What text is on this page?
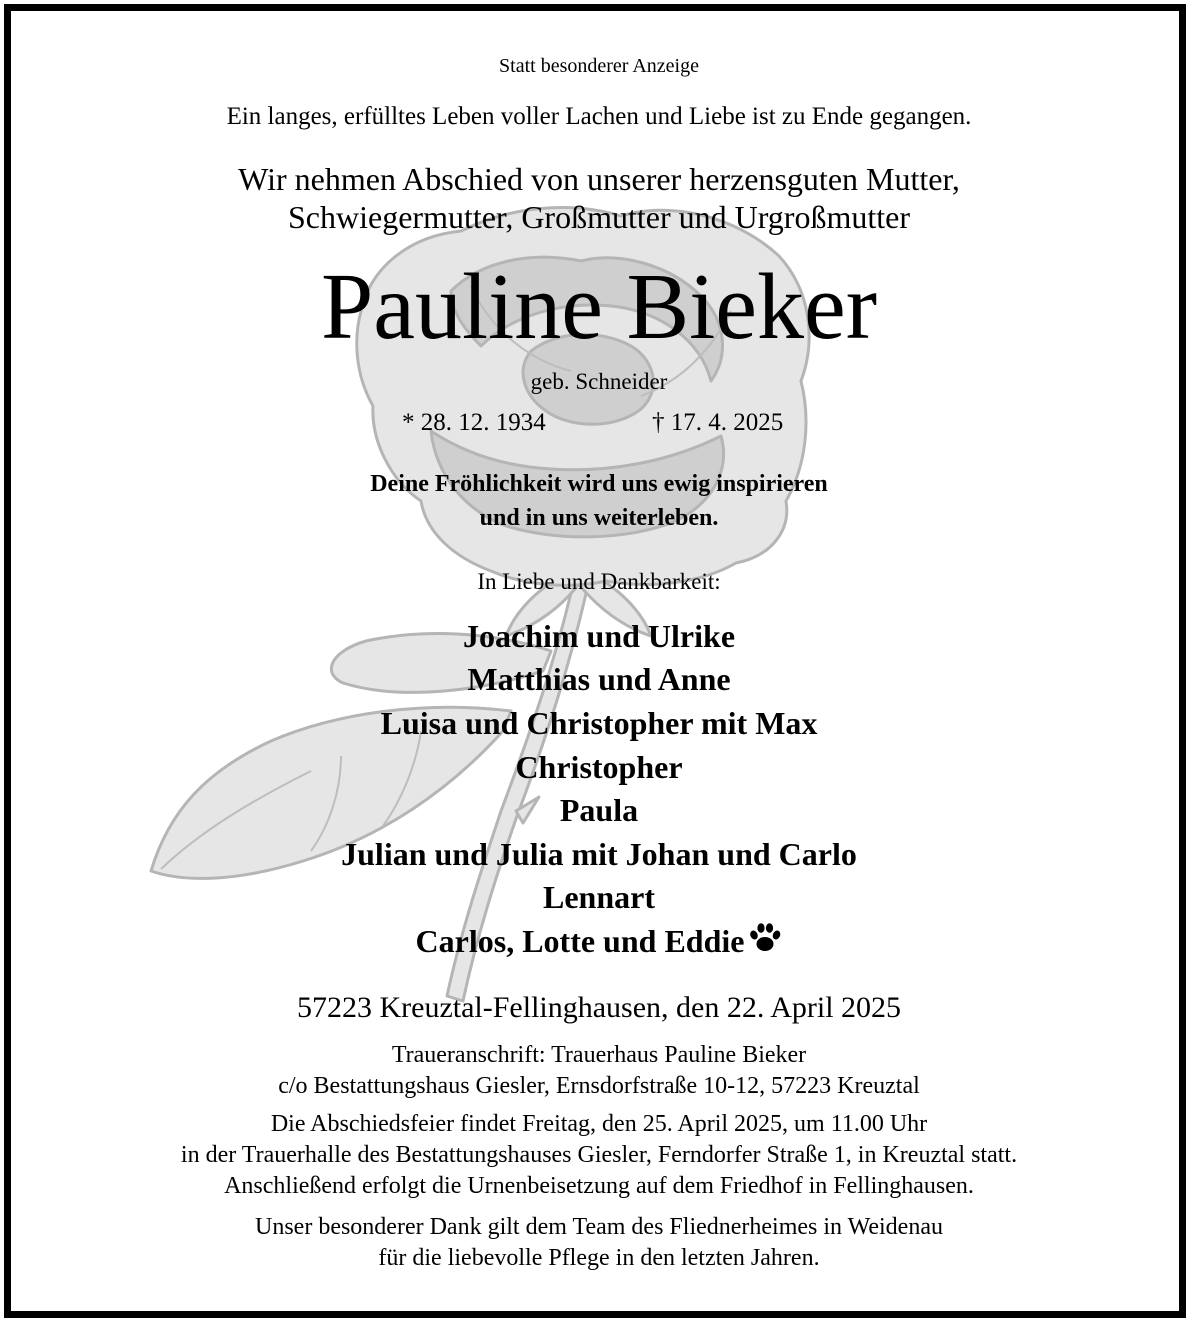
Statt besonderer Anzeige
Ein langes, erfülltes Leben voller Lachen und Liebe ist zu Ende gegangen.
Wir nehmen Abschied von unserer herzensguten Mutter,
Schwiegermutter, Großmutter und Urgroßmutter
Pauline Bieker
geb. Schneider
* 28. 12. 1934	† 17. 4. 2025
Deine Fröhlichkeit wird uns ewig inspirieren
und in uns weiterleben.
In Liebe und Dankbarkeit:
Joachim und Ulrike
Matthias und Anne
Luisa und Christopher mit Max
Christopher
Paula
Julian und Julia mit Johan und Carlo
Lennart
Carlos, Lotte und Eddie
57223 Kreuztal-Fellinghausen, den 22. April 2025
Traueranschrift: Trauerhaus Pauline Bieker
c/o Bestattungshaus Giesler, Ernsdorfstraße 10-12, 57223 Kreuztal
Die Abschiedsfeier findet Freitag, den 25. April 2025, um 11.00 Uhr
in der Trauerhalle des Bestattungshauses Giesler, Ferndorfer Straße 1, in Kreuztal statt.
Anschließend erfolgt die Urnenbeisetzung auf dem Friedhof in Fellinghausen.
Unser besonderer Dank gilt dem Team des Fliednerheimes in Weidenau
für die liebevolle Pflege in den letzten Jahren.
